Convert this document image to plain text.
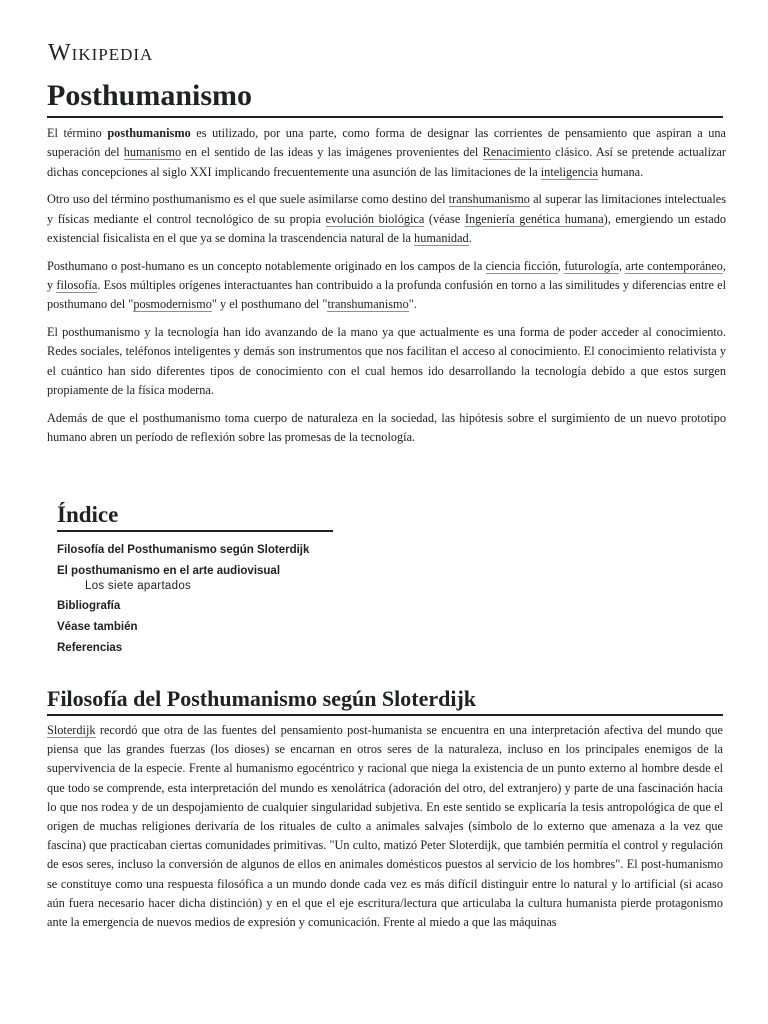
Wikipedia
Posthumanismo

El término posthumanismo es utilizado, por una parte, como forma de designar las corrientes de pensamiento que aspiran a una superación del humanismo en el sentido de las ideas y las imágenes provenientes del Renacimiento clásico. Así se pretende actualizar dichas concepciones al siglo XXI implicando frecuentemente una asunción de las limitaciones de la inteligencia humana.

Otro uso del término posthumanismo es el que suele asimilarse como destino del transhumanismo al superar las limitaciones intelectuales y físicas mediante el control tecnológico de su propia evolución biológica (véase Ingeniería genética humana), emergiendo un estado existencial fisicalista en el que ya se domina la trascendencia natural de la humanidad.

Posthumano o post-humano es un concepto notablemente originado en los campos de la ciencia ficción, futurología, arte contemporáneo, y filosofía. Esos múltiples orígenes interactuantes han contribuido a la profunda confusión en torno a las similitudes y diferencias entre el posthumano del "posmodernismo" y el posthumano del "transhumanismo".

El posthumanismo y la tecnología han ido avanzando de la mano ya que actualmente es una forma de poder acceder al conocimiento. Redes sociales, teléfonos inteligentes y demás son instrumentos que nos facilitan el acceso al conocimiento. El conocimiento relativista y el cuántico han sido diferentes tipos de conocimiento con el cual hemos ido desarrollando la tecnología debido a que estos surgen propiamente de la física moderna.

Además de que el posthumanismo toma cuerpo de naturaleza en la sociedad, las hipótesis sobre el surgimiento de un nuevo prototipo humano abren un período de reflexión sobre las promesas de la tecnología.

Índice
Filosofía del Posthumanismo según Sloterdijk
El posthumanismo en el arte audiovisual
Los siete apartados
Bibliografía
Véase también
Referencias
Filosofía del Posthumanismo según Sloterdijk

Sloterdijk recordó que otra de las fuentes del pensamiento post-humanista se encuentra en una interpretación afectiva del mundo que piensa que las grandes fuerzas (los dioses) se encarnan en otros seres de la naturaleza, incluso en los principales enemigos de la supervivencia de la especie. Frente al humanismo egocéntrico y racional que niega la existencia de un punto externo al hombre desde el que todo se comprende, esta interpretación del mundo es xenolátrica (adoración del otro, del extranjero) y parte de una fascinación hacia lo que nos rodea y de un despojamiento de cualquier singularidad subjetiva. En este sentido se explicaría la tesis antropológica de que el origen de muchas religiones derivaría de los rituales de culto a animales salvajes (símbolo de lo externo que amenaza a la vez que fascina) que practicaban ciertas comunidades primitivas. "Un culto, matizó Peter Sloterdijk, que también permitía el control y regulación de esos seres, incluso la conversión de algunos de ellos en animales domésticos puestos al servicio de los hombres". El post-humanismo se constituye como una respuesta filosófica a un mundo donde cada vez es más difícil distinguir entre lo natural y lo artificial (si acaso aún fuera necesario hacer dicha distinción) y en el que el eje escritura/lectura que articulaba la cultura humanista pierde protagonismo ante la emergencia de nuevos medios de expresión y comunicación. Frente al miedo a que las máquinas
